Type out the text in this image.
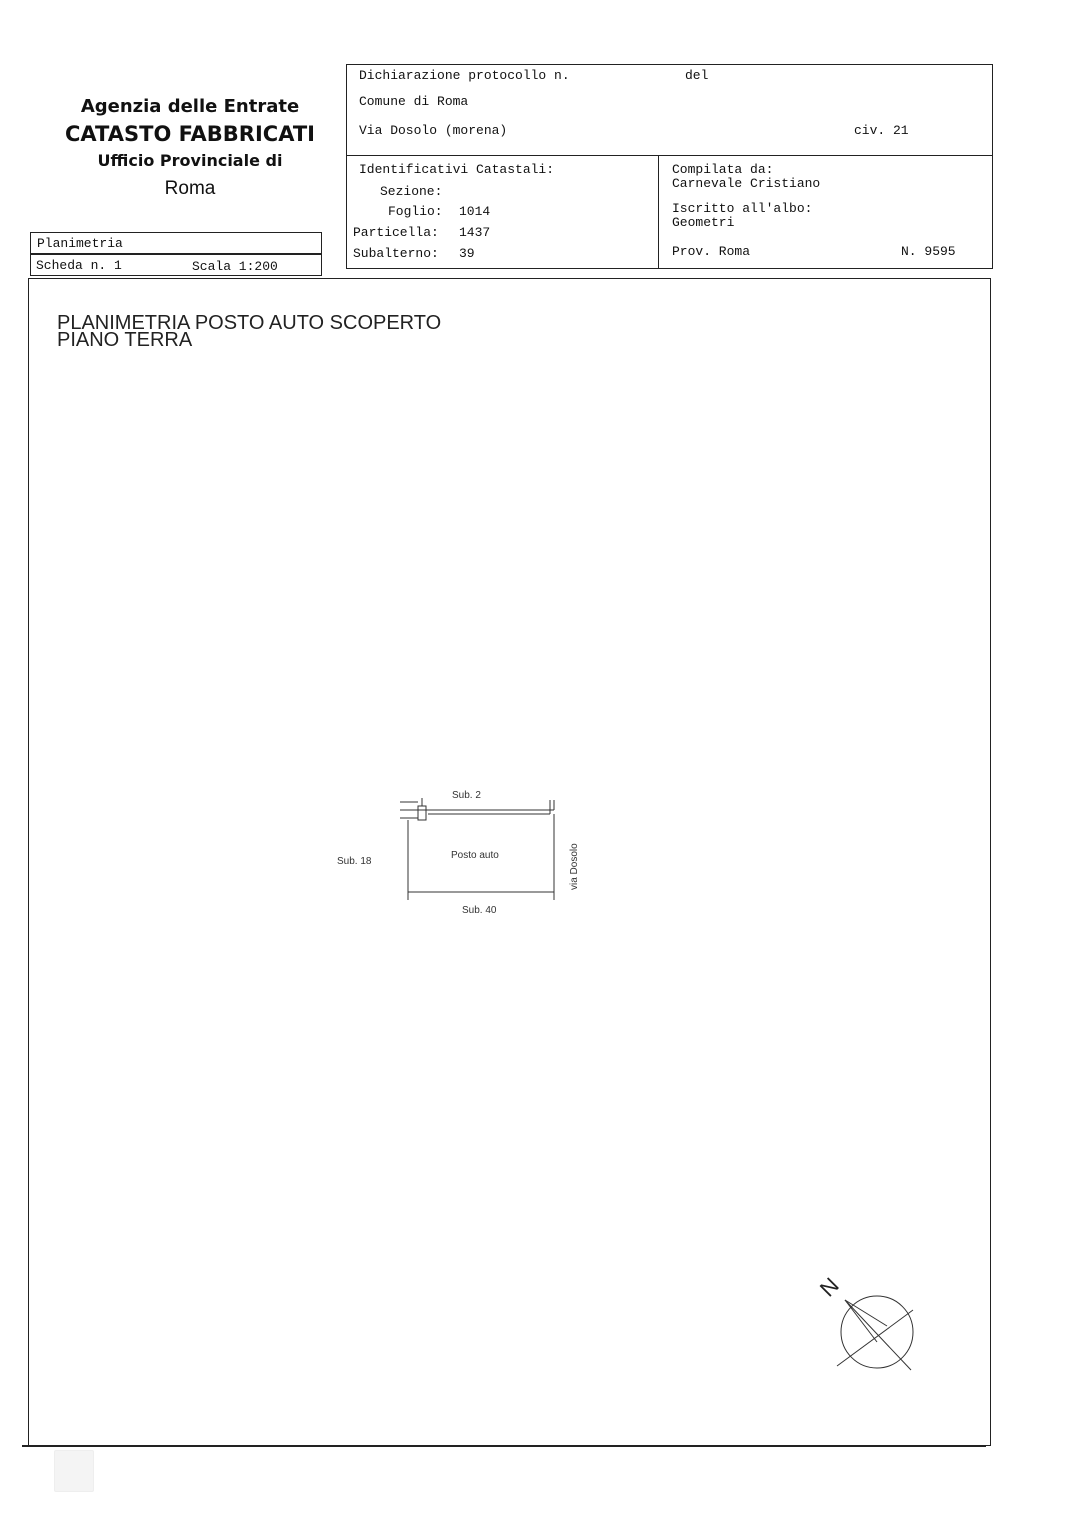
Agenzia delle Entrate
CATASTO FABBRICATI
Ufficio Provinciale di
Roma
Planimetria
Scheda n. 1	Scala 1:200
Dichiarazione protocollo n.	del
Comune di Roma
Via Dosolo (morena)	civ. 21
Identificativi Catastali:
Sezione:
Foglio: 1014
Particella: 1437
Subalterno: 39
Compilata da:
Carnevale Cristiano
Iscritto all'albo:
Geometri
Prov. Roma	N. 9595
PLANIMETRIA POSTO AUTO SCOPERTO
PIANO TERRA
Sub. 2
Posto auto
Sub. 40
via Dosolo
Sub. 18
N
